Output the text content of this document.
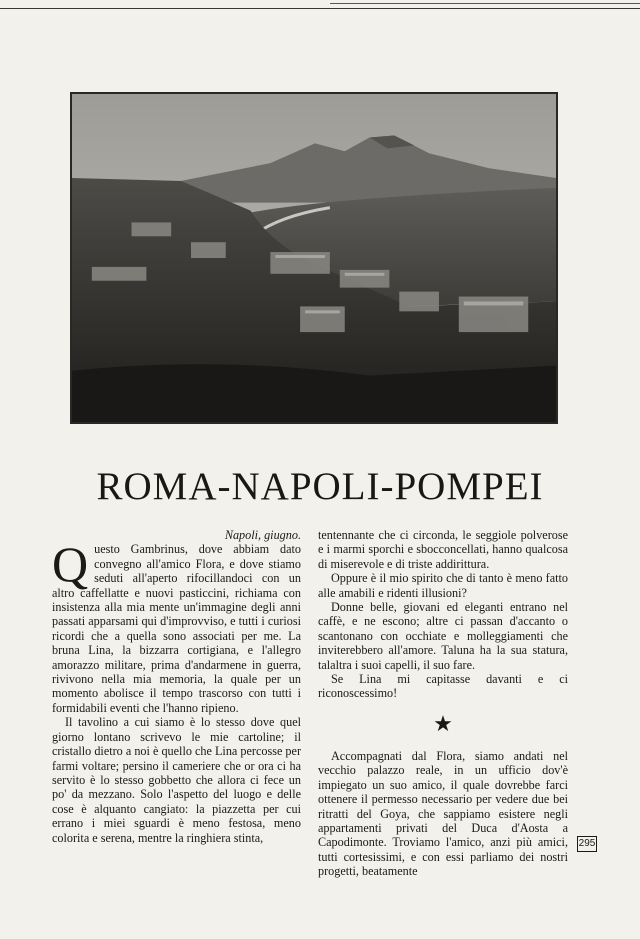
ROMA-NAPOLI-POMPEI

Napoli, giugno.

Questo Gambrinus, dove abbiam dato convegno all'amico Flora, e dove stiamo seduti all'aperto rifocillandoci con un altro caffellatte e nuovi pasticcini, richiama con insistenza alla mia mente un'immagine degli anni passati apparsami qui d'improvviso, e tutti i curiosi ricordi che a quella sono associati per me. La bruna Lina, la bizzarra cortigiana, e l'allegro amorazzo militare, prima d'andarmene in guerra, rivivono nella mia memoria, la quale per un momento abolisce il tempo trascorso con tutti i formidabili eventi che l'hanno ripieno.

Il tavolino a cui siamo è lo stesso dove quel giorno lontano scrivevo le mie cartoline; il cristallo dietro a noi è quello che Lina percosse per farmi voltare; persino il cameriere che or ora ci ha servito è lo stesso gobbetto che allora ci fece un po' da mezzano. Solo l'aspetto del luogo e delle cose è alquanto cangiato: la piazzetta per cui errano i miei sguardi è meno festosa, meno colorita e serena, mentre la ringhiera stinta,

tentennante che ci circonda, le seggiole polverose e i marmi sporchi e sbocconcellati, hanno qualcosa di miserevole e di triste addirittura.

Oppure è il mio spirito che di tanto è meno fatto alle amabili e ridenti illusioni?

Donne belle, giovani ed eleganti entrano nel caffè, e ne escono; altre ci passan d'accanto o scantonano con occhiate e molleggiamenti che inviterebbero all'amore. Taluna ha la sua statura, talaltra i suoi capelli, il suo fare.

Se Lina mi capitasse davanti e ci riconoscessimo!

★

Accompagnati dal Flora, siamo andati nel vecchio palazzo reale, in un ufficio dov'è impiegato un suo amico, il quale dovrebbe farci ottenere il permesso necessario per vedere due bei ritratti del Goya, che sappiamo esistere negli appartamenti privati del Duca d'Aosta a Capodimonte. Troviamo l'amico, anzi più amici, tutti cortesissimi, e con essi parliamo dei nostri progetti, beatamente

295
